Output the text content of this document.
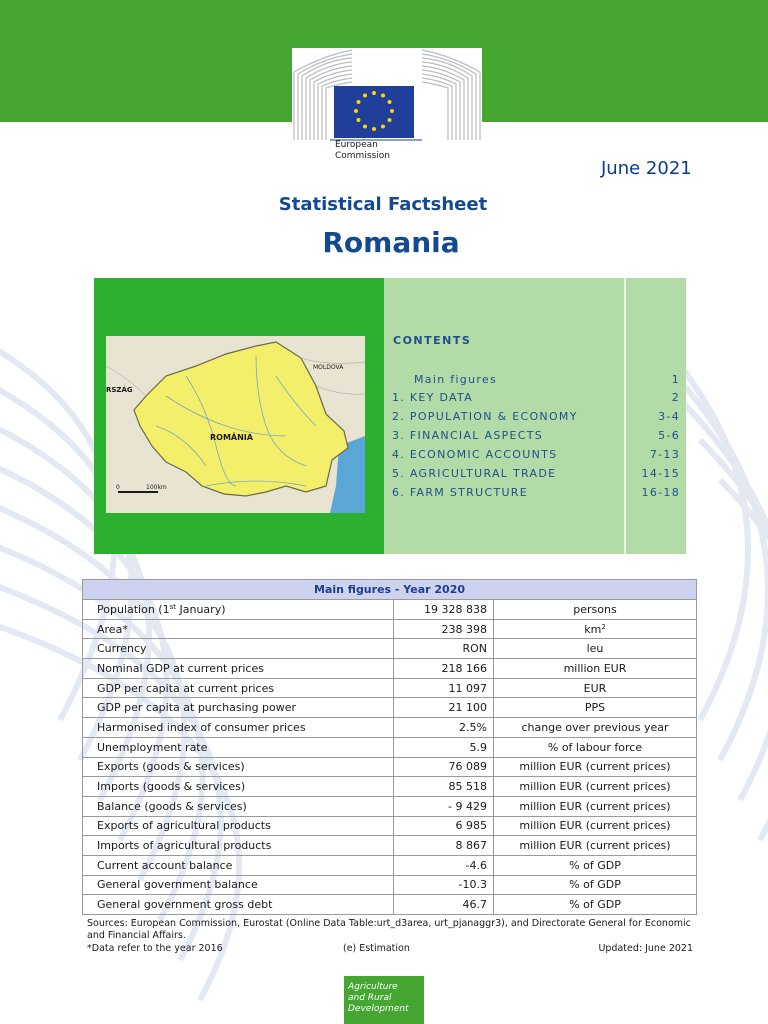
European
Commission
June 2021
Statistical Factsheet
Romania
ROMÂNIA
RSZÁG
MOLDOVA
0	100km
CONTENTS
Main figures	1
1. KEY DATA	2
2. POPULATION & ECONOMY	3-4
3. FINANCIAL ASPECTS	5-6
4. ECONOMIC ACCOUNTS	7-13
5. AGRICULTURAL TRADE	14-15
6. FARM STRUCTURE	16-18
Main figures - Year 2020		
Population (1st January)	19 328 838	persons
Area*	238 398	$km^2$
Currency	RON	leu
Nominal GDP at current prices	218 166	million EUR
GDP per capita at current prices	11 097	EUR
GDP per capita at purchasing power	21 100	PPS
Harmonised index of consumer prices	2.5%	change over previous year
Unemployment rate	5.9	% of labour force
Exports (goods & services)	76 089	million EUR (current prices)
Imports (goods & services)	85 518	million EUR (current prices)
Balance (goods & services)	- 9 429	million EUR (current prices)
Exports of agricultural products	6 985	million EUR (current prices)
Imports of agricultural products	8 867	million EUR (current prices)
Current account balance	-4.6	% of GDP
General government balance	-10.3	% of GDP
General government gross debt	46.7	% of GDP
Sources: European Commission, Eurostat (Online Data Table:urt_d3area, urt_pjanaggr3), and Directorate General for Economic and Financial Affairs.
*Data refer to the year 2016	(e) Estimation	Updated: June 2021
Agriculture
and Rural
Development
